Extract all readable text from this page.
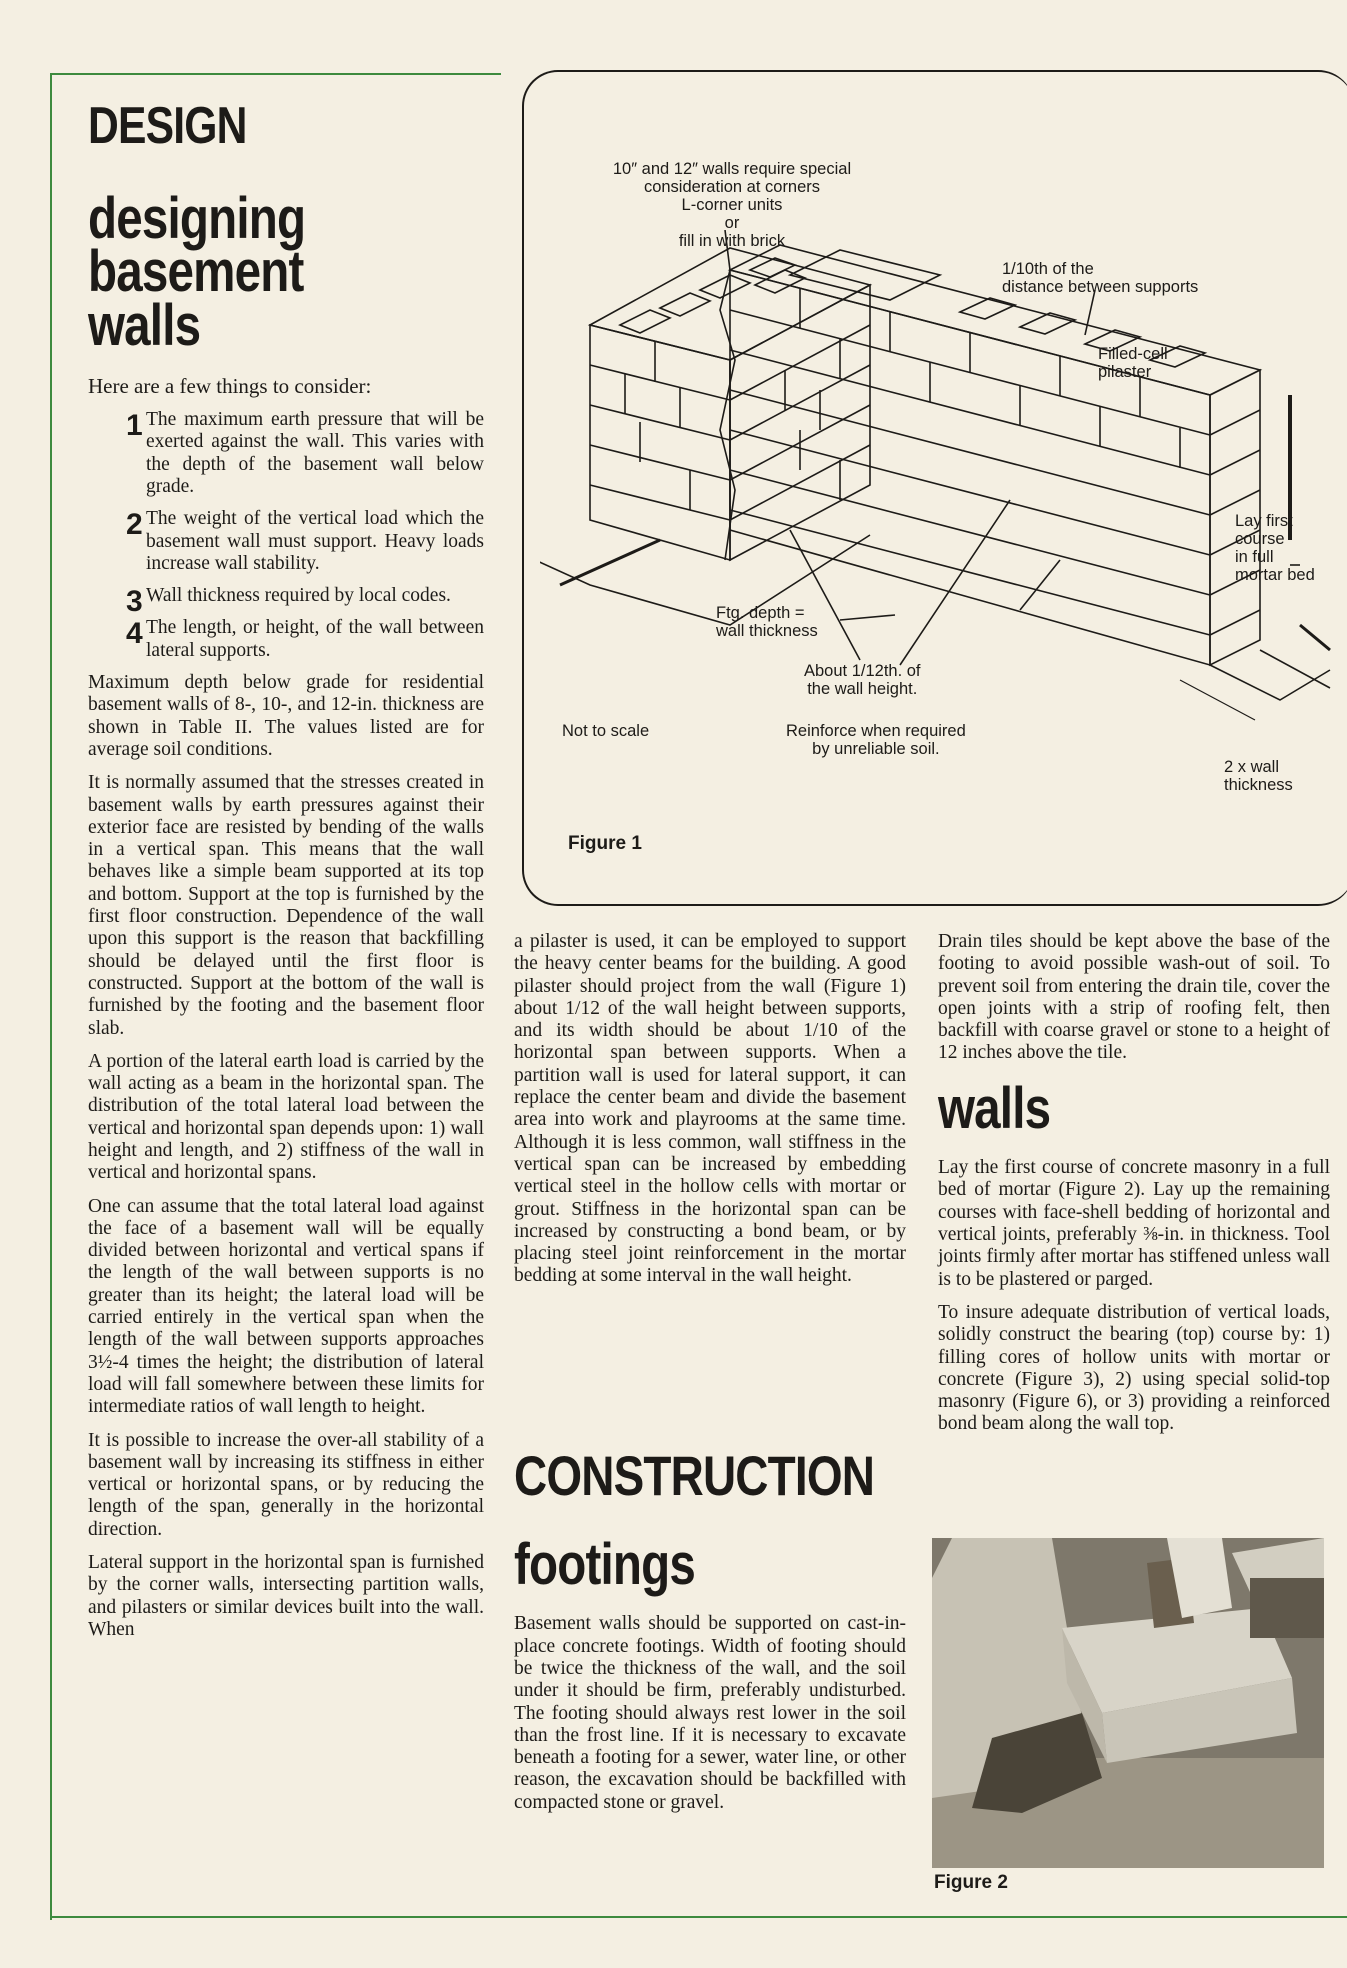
DESIGN
designing
basement
walls

Here are a few things to consider:

1 The maximum earth pressure that will be exerted against the wall. This varies with the depth of the basement wall below grade.
2 The weight of the vertical load which the basement wall must support. Heavy loads increase wall stability.
3 Wall thickness required by local codes.
4 The length, or height, of the wall between lateral supports.

Maximum depth below grade for residential basement walls of 8-, 10-, and 12-in. thickness are shown in Table II. The values listed are for average soil conditions.

It is normally assumed that the stresses created in basement walls by earth pressures against their exterior face are resisted by bending of the walls in a vertical span. This means that the wall behaves like a simple beam supported at its top and bottom. Support at the top is furnished by the first floor construction. Dependence of the wall upon this support is the reason that backfilling should be delayed until the first floor is constructed. Support at the bottom of the wall is furnished by the footing and the basement floor slab.

A portion of the lateral earth load is carried by the wall acting as a beam in the horizontal span. The distribution of the total lateral load between the vertical and horizontal span depends upon: 1) wall height and length, and 2) stiffness of the wall in vertical and horizontal spans.

One can assume that the total lateral load against the face of a basement wall will be equally divided between horizontal and vertical spans if the length of the wall between supports is no greater than its height; the lateral load will be carried entirely in the vertical span when the length of the wall between supports approaches 3½-4 times the height; the distribution of lateral load will fall somewhere between these limits for intermediate ratios of wall length to height.

It is possible to increase the over-all stability of a basement wall by increasing its stiffness in either vertical or horizontal spans, or by reducing the length of the span, generally in the horizontal direction.

Lateral support in the horizontal span is furnished by the corner walls, intersecting partition walls, and pilasters or similar devices built into the wall. When

10″ and 12″ walls require special
consideration at corners
L-corner units
or
fill in with brick
1/10th of the
distance between supports
Filled-cell
pilaster
Lay first
course
in full
mortar bed
Ftg. depth =
wall thickness
About 1/12th. of
the wall height.
Not to scale	Reinforce when required
by unreliable soil.
2 x wall
thickness
Figure 1

a pilaster is used, it can be employed to support the heavy center beams for the building. A good pilaster should project from the wall (Figure 1) about 1/12 of the wall height between supports, and its width should be about 1/10 of the horizontal span between supports. When a partition wall is used for lateral support, it can replace the center beam and divide the basement area into work and playrooms at the same time. Although it is less common, wall stiffness in the vertical span can be increased by embedding vertical steel in the hollow cells with mortar or grout. Stiffness in the horizontal span can be increased by constructing a bond beam, or by placing steel joint reinforcement in the mortar bedding at some interval in the wall height.

CONSTRUCTION
footings

Basement walls should be supported on cast-in-place concrete footings. Width of footing should be twice the thickness of the wall, and the soil under it should be firm, preferably undisturbed. The footing should always rest lower in the soil than the frost line. If it is necessary to excavate beneath a footing for a sewer, water line, or other reason, the excavation should be backfilled with compacted stone or gravel.

Drain tiles should be kept above the base of the footing to avoid possible wash-out of soil. To prevent soil from entering the drain tile, cover the open joints with a strip of roofing felt, then backfill with coarse gravel or stone to a height of 12 inches above the tile.

walls

Lay the first course of concrete masonry in a full bed of mortar (Figure 2). Lay up the remaining courses with face-shell bedding of horizontal and vertical joints, preferably ⅜-in. in thickness. Tool joints firmly after mortar has stiffened unless wall is to be plastered or parged.

To insure adequate distribution of vertical loads, solidly construct the bearing (top) course by: 1) filling cores of hollow units with mortar or concrete (Figure 3), 2) using special solid-top masonry (Figure 6), or 3) providing a reinforced bond beam along the wall top.

Figure 2
